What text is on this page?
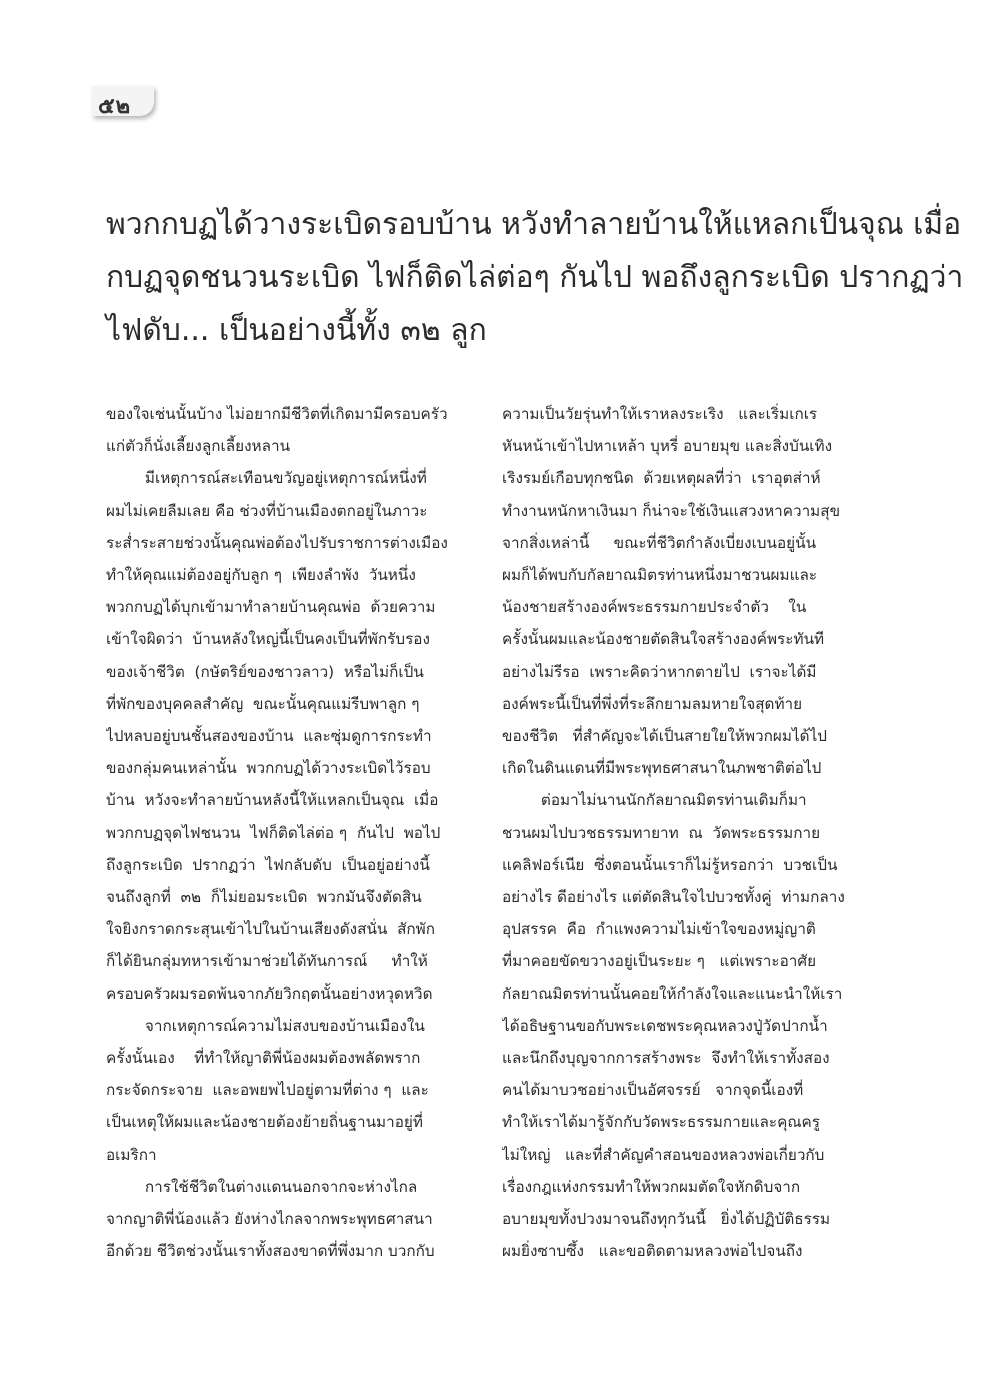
๕๒
พวกกบฏได้วางระเบิดรอบบ้าน หวังทำลายบ้านให้แหลกเป็นจุณ เมื่อ
กบฏจุดชนวนระเบิด ไฟก็ติดไล่ต่อๆ กันไป พอถึงลูกระเบิด ปรากฏว่า
ไฟดับ... เป็นอย่างนี้ทั้ง ๓๒ ลูก
ของใจเช่นนั้นบ้าง ไม่อยากมีชีวิตที่เกิดมามีครอบครัว
แก่ตัวก็นั่งเลี้ยงลูกเลี้ยงหลาน
มีเหตุการณ์สะเทือนขวัญอยู่เหตุการณ์หนึ่งที่
ผมไม่เคยลืมเลย คือ ช่วงที่บ้านเมืองตกอยู่ในภาวะ
ระส่ำระสายช่วงนั้นคุณพ่อต้องไปรับราชการต่างเมือง
ทำให้คุณแม่ต้องอยู่กับลูก ๆ  เพียงลำพัง  วันหนึ่ง
พวกกบฏได้บุกเข้ามาทำลายบ้านคุณพ่อ  ด้วยความ
เข้าใจผิดว่า  บ้านหลังใหญ่นี้เป็นคงเป็นที่พักรับรอง
ของเจ้าชีวิต  (กษัตริย์ของชาวลาว)  หรือไม่ก็เป็น
ที่พักของบุคคลสำคัญ  ขณะนั้นคุณแม่รีบพาลูก ๆ
ไปหลบอยู่บนชั้นสองของบ้าน  และซุ่มดูการกระทำ
ของกลุ่มคนเหล่านั้น  พวกกบฏได้วางระเบิดไว้รอบ
บ้าน  หวังจะทำลายบ้านหลังนี้ให้แหลกเป็นจุณ  เมื่อ
พวกกบฏจุดไฟชนวน  ไฟก็ติดไล่ต่อ ๆ  กันไป  พอไป
ถึงลูกระเบิด  ปรากฏว่า  ไฟกลับดับ  เป็นอยู่อย่างนี้
จนถึงลูกที่  ๓๒  ก็ไม่ยอมระเบิด  พวกมันจึงตัดสิน
ใจยิงกราดกระสุนเข้าไปในบ้านเสียงดังสนั่น  สักพัก
ก็ได้ยินกลุ่มทหารเข้ามาช่วยได้ทันการณ์     ทำให้
ครอบครัวผมรอดพ้นจากภัยวิกฤตนั้นอย่างหวุดหวิด
จากเหตุการณ์ความไม่สงบของบ้านเมืองใน
ครั้งนั้นเอง    ที่ทำให้ญาติพี่น้องผมต้องพลัดพราก
กระจัดกระจาย  และอพยพไปอยู่ตามที่ต่าง ๆ  และ
เป็นเหตุให้ผมและน้องชายต้องย้ายถิ่นฐานมาอยู่ที่
อเมริกา
การใช้ชีวิตในต่างแดนนอกจากจะห่างไกล
จากญาติพี่น้องแล้ว ยังห่างไกลจากพระพุทธศาสนา
อีกด้วย ชีวิตช่วงนั้นเราทั้งสองขาดที่พึ่งมาก บวกกับ
ความเป็นวัยรุ่นทำให้เราหลงระเริง   และเริ่มเกเร
หันหน้าเข้าไปหาเหล้า บุหรี่ อบายมุข และสิ่งบันเทิง
เริงรมย์เกือบทุกชนิด  ด้วยเหตุผลที่ว่า  เราอุตส่าห์
ทำงานหนักหาเงินมา ก็น่าจะใช้เงินแสวงหาความสุข
จากสิ่งเหล่านี้     ขณะที่ชีวิตกำลังเบี่ยงเบนอยู่นั้น
ผมก็ได้พบกับกัลยาณมิตรท่านหนึ่งมาชวนผมและ
น้องชายสร้างองค์พระธรรมกายประจำตัว    ใน
ครั้งนั้นผมและน้องชายตัดสินใจสร้างองค์พระทันที
อย่างไม่รีรอ  เพราะคิดว่าหากตายไป  เราจะได้มี
องค์พระนี้เป็นที่พึ่งที่ระลึกยามลมหายใจสุดท้าย
ของชีวิต   ที่สำคัญจะได้เป็นสายใยให้พวกผมได้ไป
เกิดในดินแดนที่มีพระพุทธศาสนาในภพชาติต่อไป
ต่อมาไม่นานนักกัลยาณมิตรท่านเดิมก็มา
ชวนผมไปบวชธรรมทายาท  ณ  วัดพระธรรมกาย
แคลิฟอร์เนีย  ซึ่งตอนนั้นเราก็ไม่รู้หรอกว่า  บวชเป็น
อย่างไร ดีอย่างไร แต่ตัดสินใจไปบวชทั้งคู่  ท่ามกลาง
อุปสรรค  คือ  กำแพงความไม่เข้าใจของหมู่ญาติ
ที่มาคอยขัดขวางอยู่เป็นระยะ ๆ   แต่เพราะอาศัย
กัลยาณมิตรท่านนั้นคอยให้กำลังใจและแนะนำให้เรา
ได้อธิษฐานขอกับพระเดชพระคุณหลวงปู่วัดปากน้ำ
และนึกถึงบุญจากการสร้างพระ  จึงทำให้เราทั้งสอง
คนได้มาบวชอย่างเป็นอัศจรรย์   จากจุดนี้เองที่
ทำให้เราได้มารู้จักกับวัดพระธรรมกายและคุณครู
ไม่ใหญ่   และที่สำคัญคำสอนของหลวงพ่อเกี่ยวกับ
เรื่องกฎแห่งกรรมทำให้พวกผมตัดใจหักดิบจาก
อบายมุขทั้งปวงมาจนถึงทุกวันนี้   ยิ่งได้ปฏิบัติธรรม
ผมยิ่งซาบซึ้ง   และขอติดตามหลวงพ่อไปจนถึง
